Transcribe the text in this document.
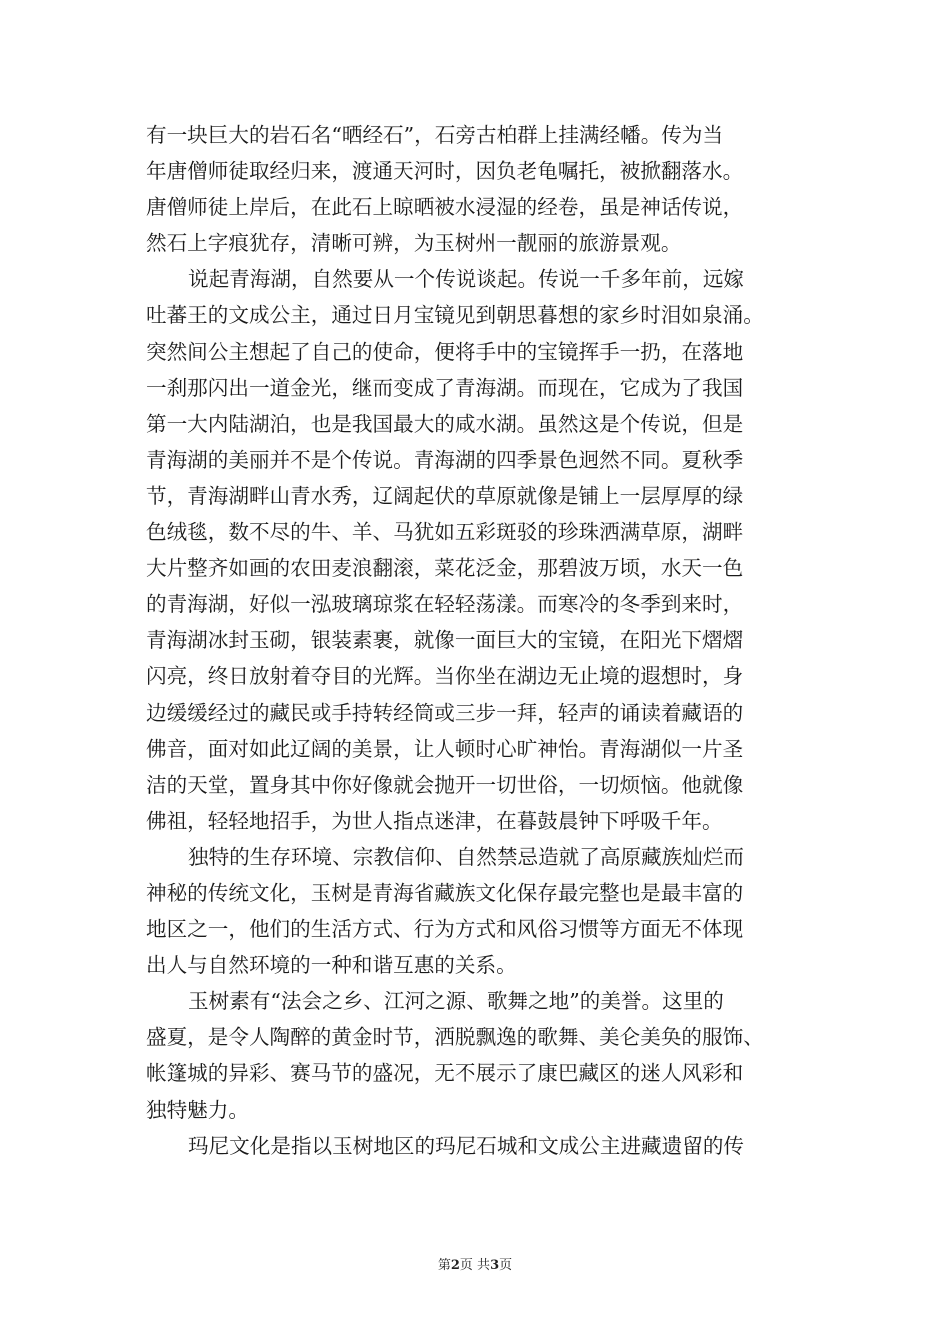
有一块巨大的岩石名“晒经石”，石旁古柏群上挂满经幡。传为当
年唐僧师徒取经归来，渡通天河时，因负老龟嘱托，被掀翻落水。
唐僧师徒上岸后，在此石上晾晒被水浸湿的经卷，虽是神话传说，
然石上字痕犹存，清晰可辨，为玉树州一靓丽的旅游景观。
说起青海湖，自然要从一个传说谈起。传说一千多年前，远嫁
吐蕃王的文成公主，通过日月宝镜见到朝思暮想的家乡时泪如泉涌。
突然间公主想起了自己的使命，便将手中的宝镜挥手一扔，在落地
一刹那闪出一道金光，继而变成了青海湖。而现在，它成为了我国
第一大内陆湖泊，也是我国最大的咸水湖。虽然这是个传说，但是
青海湖的美丽并不是个传说。青海湖的四季景色迥然不同。夏秋季
节，青海湖畔山青水秀，辽阔起伏的草原就像是铺上一层厚厚的绿
色绒毯，数不尽的牛、羊、马犹如五彩斑驳的珍珠洒满草原，湖畔
大片整齐如画的农田麦浪翻滚，菜花泛金，那碧波万顷，水天一色
的青海湖，好似一泓玻璃琼浆在轻轻荡漾。而寒冷的冬季到来时，
青海湖冰封玉砌，银装素裹，就像一面巨大的宝镜，在阳光下熠熠
闪亮，终日放射着夺目的光辉。当你坐在湖边无止境的遐想时，身
边缓缓经过的藏民或手持转经筒或三步一拜，轻声的诵读着藏语的
佛音，面对如此辽阔的美景，让人顿时心旷神怡。青海湖似一片圣
洁的天堂，置身其中你好像就会抛开一切世俗，一切烦恼。他就像
佛祖，轻轻地招手，为世人指点迷津，在暮鼓晨钟下呼吸千年。
独特的生存环境、宗教信仰、自然禁忌造就了高原藏族灿烂而
神秘的传统文化，玉树是青海省藏族文化保存最完整也是最丰富的
地区之一，他们的生活方式、行为方式和风俗习惯等方面无不体现
出人与自然环境的一种和谐互惠的关系。
玉树素有“法会之乡、江河之源、歌舞之地”的美誉。这里的
盛夏，是令人陶醉的黄金时节，洒脱飘逸的歌舞、美仑美奂的服饰、
帐篷城的异彩、赛马节的盛况，无不展示了康巴藏区的迷人风彩和
独特魅力。
玛尼文化是指以玉树地区的玛尼石城和文成公主进藏遗留的传
第2页 共3页
